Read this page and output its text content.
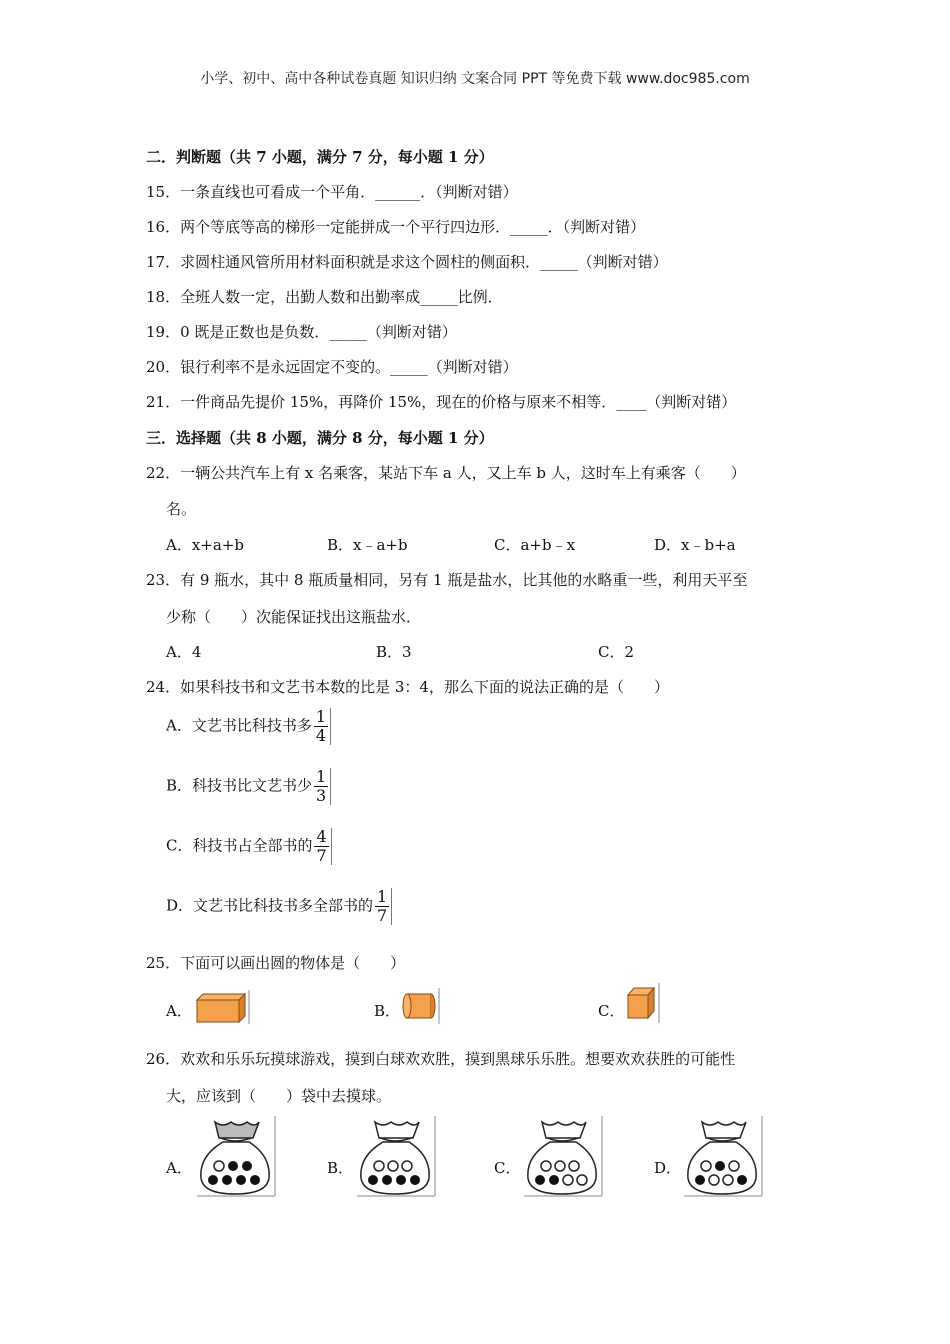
小学、初中、高中各种试卷真题 知识归纳 文案合同 PPT 等免费下载 www.doc985.com
二．判断题（共 7 小题，满分 7 分，每小题 1 分）
15．一条直线也可看成一个平角．______．（判断对错）
16．两个等底等高的梯形一定能拼成一个平行四边形．_____．（判断对错）
17．求圆柱通风管所用材料面积就是求这个圆柱的侧面积．_____（判断对错）
18．全班人数一定，出勤人数和出勤率成_____比例．
19．0 既是正数也是负数．_____（判断对错）
20．银行利率不是永远固定不变的。_____（判断对错）
21．一件商品先提价 15%，再降价 15%，现在的价格与原来不相等．____（判断对错）
三．选择题（共 8 小题，满分 8 分，每小题 1 分）
22．一辆公共汽车上有 x 名乘客，某站下车 a 人，又上车 b 人，这时车上有乘客（　　）
名。
A．x+a+b	B．x﹣a+b	C．a+b﹣x	D．x﹣b+a
23．有 9 瓶水，其中 8 瓶质量相同，另有 1 瓶是盐水，比其他的水略重一些，利用天平至
少称（　　）次能保证找出这瓶盐水．
A．4	B．3	C．2
24．如果科技书和文艺书本数的比是 3：4，那么下面的说法正确的是（　　）
A．文艺书比科技书多 $\frac{1}{4}$
B．科技书比文艺书少 $\frac{1}{3}$
C．科技书占全部书的 $\frac{4}{7}$
D．文艺书比科技书多全部书的 $\frac{1}{7}$
25．下面可以画出圆的物体是（　　）
A．	B．	C．
26．欢欢和乐乐玩摸球游戏，摸到白球欢欢胜，摸到黑球乐乐胜。想要欢欢获胜的可能性
大，应该到（　　）袋中去摸球。
A．	B．	C．	D．
